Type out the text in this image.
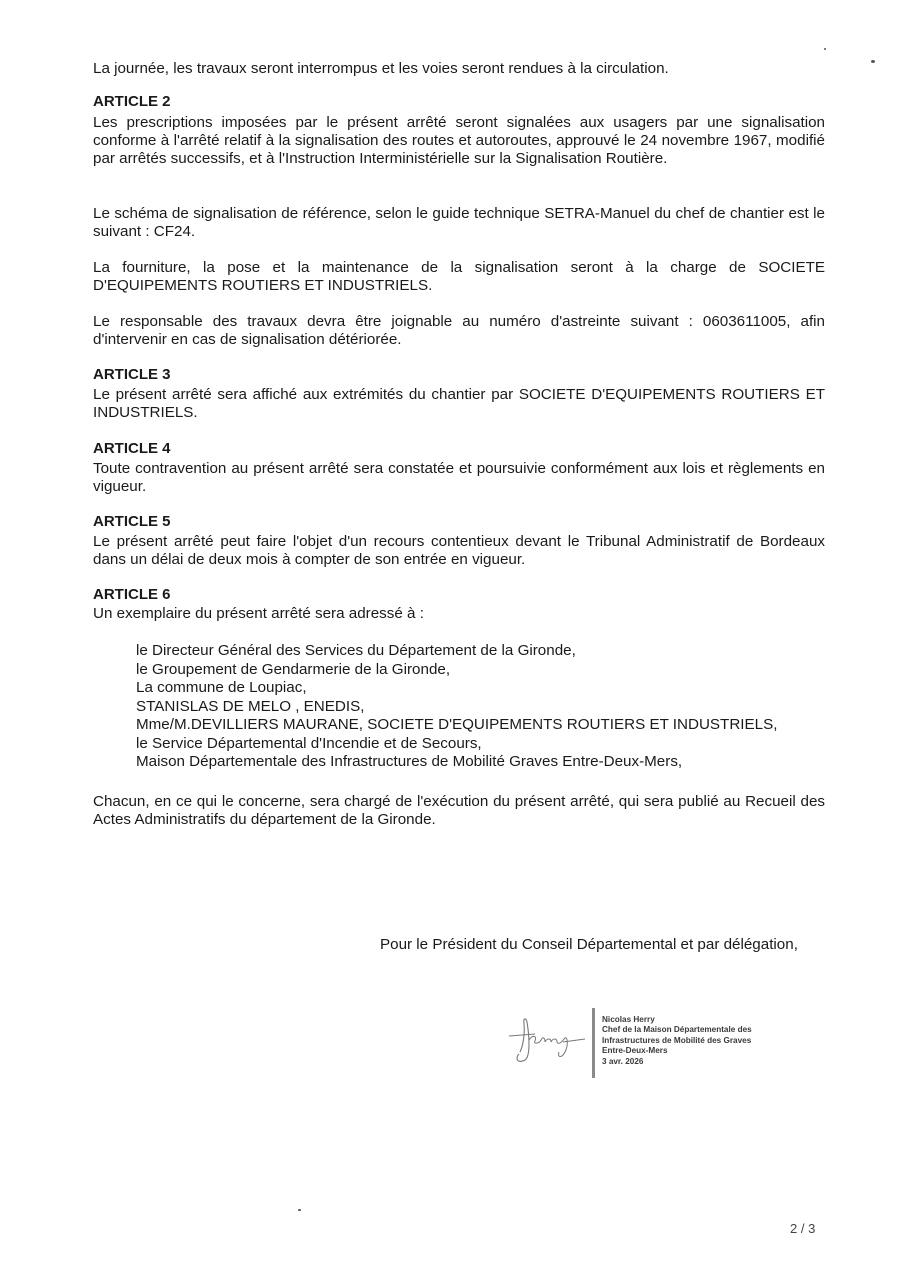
La journée, les travaux seront interrompus et les voies seront rendues à la circulation.

ARTICLE 2

Les prescriptions imposées par le présent arrêté seront signalées aux usagers par une signalisation conforme à l'arrêté relatif à la signalisation des routes et autoroutes, approuvé le 24 novembre 1967, modifié par arrêtés successifs, et à l'Instruction Interministérielle sur la Signalisation Routière.

Le schéma de signalisation de référence, selon le guide technique SETRA-Manuel du chef de chantier est le suivant : CF24.

La fourniture, la pose et la maintenance de la signalisation seront à la charge de SOCIETE D'EQUIPEMENTS ROUTIERS ET INDUSTRIELS.

Le responsable des travaux devra être joignable au numéro d'astreinte suivant : 0603611005, afin d'intervenir en cas de signalisation détériorée.

ARTICLE 3

Le présent arrêté sera affiché aux extrémités du chantier par SOCIETE D'EQUIPEMENTS ROUTIERS ET INDUSTRIELS.

ARTICLE 4

Toute contravention au présent arrêté sera constatée et poursuivie conformément aux lois et règlements en vigueur.

ARTICLE 5

Le présent arrêté peut faire l'objet d'un recours contentieux devant le Tribunal Administratif de Bordeaux dans un délai de deux mois à compter de son entrée en vigueur.

ARTICLE 6

Un exemplaire du présent arrêté sera adressé à :

le Directeur Général des Services du Département de la Gironde,
le Groupement de Gendarmerie de la Gironde,
La commune de Loupiac,
STANISLAS DE MELO , ENEDIS,
Mme/M.DEVILLIERS MAURANE, SOCIETE D'EQUIPEMENTS ROUTIERS ET INDUSTRIELS,
le Service Départemental d'Incendie et de Secours,
Maison Départementale des Infrastructures de Mobilité Graves Entre-Deux-Mers,

Chacun, en ce qui le concerne, sera chargé de l'exécution du présent arrêté, qui sera publié au Recueil des Actes Administratifs du département de la Gironde.

Pour le Président du Conseil Départemental et par délégation,
Nicolas Herry
Chef de la Maison Départementale des
Infrastructures de Mobilité des Graves
Entre-Deux-Mers
3 avr. 2026
2 / 3
